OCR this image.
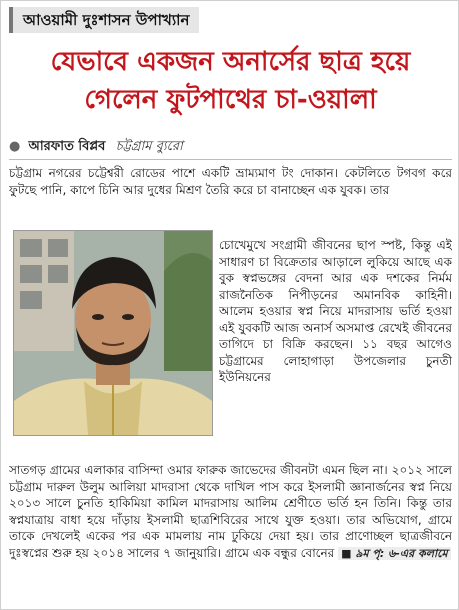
আওয়ামী দুঃশাসন উপাখ্যান
যেভাবে একজন অনার্সের ছাত্র হয়ে
গেলেন ফুটপাথের চা-ওয়ালা
● আরফাত বিপ্লব চট্টগ্রাম ব্যুরো
চট্টগ্রাম নগরের চট্টেশ্বরী রোডের পাশে একটি ভ্রাম্যমাণ টং দোকান। কেটলিতে টগবগ করে ফুটছে পানি, কাপে চিনি আর দুধের মিশ্রণ তৈরি করে চা বানাচ্ছেন এক যুবক। তার
চোখেমুখে সংগ্রামী জীবনের ছাপ স্পষ্ট, কিন্তু এই সাধারণ চা বিক্রেতার আড়ালে লুকিয়ে আছে এক বুক স্বপ্নভঙ্গের বেদনা আর এক দশকের নির্মম রাজনৈতিক নিপীড়নের অমানবিক কাহিনী। আলেম হওয়ার স্বপ্ন নিয়ে মাদরাসায় ভর্তি হওয়া এই যুবকটি আজ অনার্স অসমাপ্ত রেখেই জীবনের তাগিদে চা বিক্রি করছেন। ১১ বছর আগেও চট্টগ্রামের লোহাগাড়া উপজেলার চুনতী ইউনিয়নের
সাতগড় গ্রামের এলাকার বাসিন্দা ওমার ফারুক জাভেদের জীবনটা এমন ছিল না। ২০১২ সালে চট্টগ্রাম দারুল উলুম আলিয়া মাদরাসা থেকে দাখিল পাস করে ইসলামী জ্ঞানার্জনের স্বপ্ন নিয়ে ২০১৩ সালে চুনতি হাকিমিয়া কামিল মাদরাসায় আলিম শ্রেণীতে ভর্তি হন তিনি। কিন্তু তার স্বপ্নযাত্রায় বাধা হয়ে দাঁড়ায় ইসলামী ছাত্রশিবিরের সাথে যুক্ত হওয়া। তার অভিযোগ, গ্রামে তাকে দেখলেই একের পর এক মামলায় নাম ঢুকিয়ে দেয়া হয়। তার প্রাণোচ্ছল ছাত্রজীবনে দুঃস্বপ্নের শুরু হয় ২০১৪ সালের ৭ জানুয়ারি। গ্রামে এক বন্ধুর বোনের ■ ৯ম পৃ: ৬-এর কলামে
